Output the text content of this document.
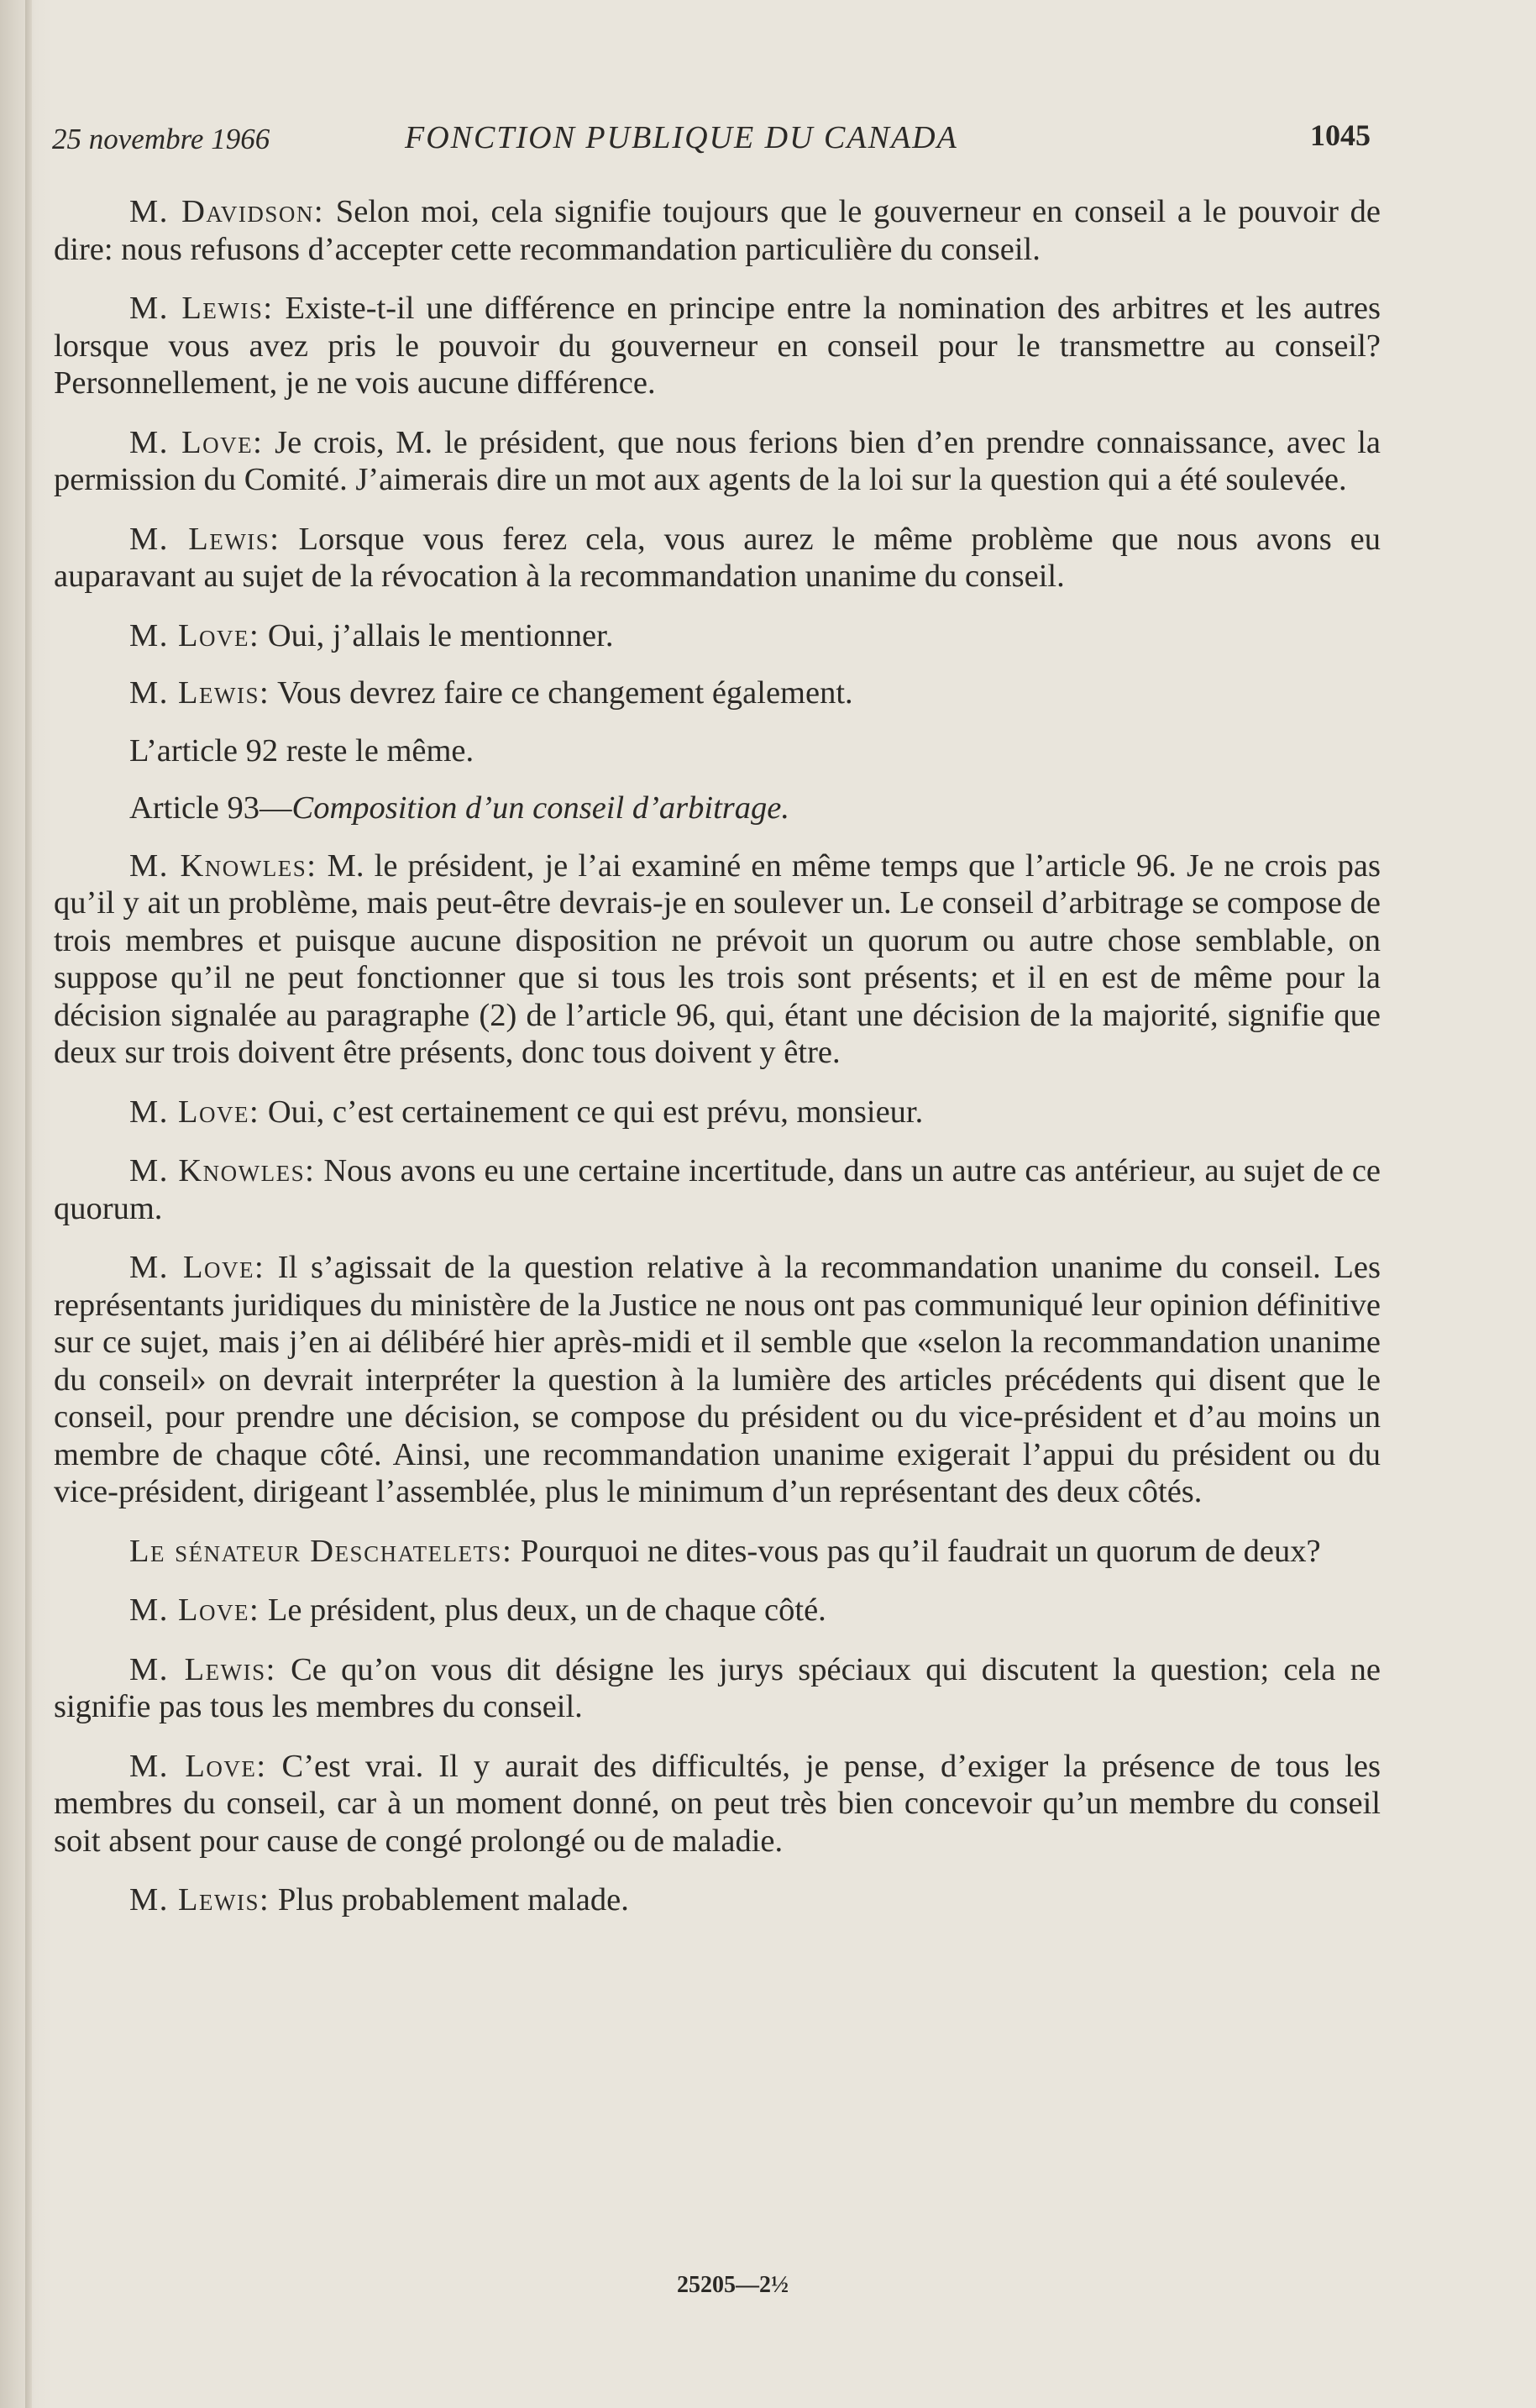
25 novembre 1966	FONCTION PUBLIQUE DU CANADA	1045

M. Davidson: Selon moi, cela signifie toujours que le gouverneur en conseil a le pouvoir de dire: nous refusons d’accepter cette recommandation particulière du conseil.

M. Lewis: Existe-t-il une différence en principe entre la nomination des arbitres et les autres lorsque vous avez pris le pouvoir du gouverneur en conseil pour le transmettre au conseil? Personnellement, je ne vois aucune différence.

M. Love: Je crois, M. le président, que nous ferions bien d’en prendre connaissance, avec la permission du Comité. J’aimerais dire un mot aux agents de la loi sur la question qui a été soulevée.

M. Lewis: Lorsque vous ferez cela, vous aurez le même problème que nous avons eu auparavant au sujet de la révocation à la recommandation unanime du conseil.

M. Love: Oui, j’allais le mentionner.

M. Lewis: Vous devrez faire ce changement également.

L’article 92 reste le même.

Article 93—Composition d’un conseil d’arbitrage.

M. Knowles: M. le président, je l’ai examiné en même temps que l’article 96. Je ne crois pas qu’il y ait un problème, mais peut-être devrais-je en soulever un. Le conseil d’arbitrage se compose de trois membres et puisque aucune disposition ne prévoit un quorum ou autre chose semblable, on suppose qu’il ne peut fonctionner que si tous les trois sont présents; et il en est de même pour la décision signalée au paragraphe (2) de l’article 96, qui, étant une décision de la majorité, signifie que deux sur trois doivent être présents, donc tous doivent y être.

M. Love: Oui, c’est certainement ce qui est prévu, monsieur.

M. Knowles: Nous avons eu une certaine incertitude, dans un autre cas antérieur, au sujet de ce quorum.

M. Love: Il s’agissait de la question relative à la recommandation unanime du conseil. Les représentants juridiques du ministère de la Justice ne nous ont pas communiqué leur opinion définitive sur ce sujet, mais j’en ai délibéré hier après-midi et il semble que «selon la recommandation unanime du conseil» on devrait interpréter la question à la lumière des articles précédents qui disent que le conseil, pour prendre une décision, se compose du président ou du vice-président et d’au moins un membre de chaque côté. Ainsi, une recommandation unanime exigerait l’appui du président ou du vice-président, dirigeant l’assemblée, plus le minimum d’un représentant des deux côtés.

Le sénateur Deschatelets: Pourquoi ne dites-vous pas qu’il faudrait un quorum de deux?

M. Love: Le président, plus deux, un de chaque côté.

M. Lewis: Ce qu’on vous dit désigne les jurys spéciaux qui discutent la question; cela ne signifie pas tous les membres du conseil.

M. Love: C’est vrai. Il y aurait des difficultés, je pense, d’exiger la présence de tous les membres du conseil, car à un moment donné, on peut très bien concevoir qu’un membre du conseil soit absent pour cause de congé prolongé ou de maladie.

M. Lewis: Plus probablement malade.

25205—2½
